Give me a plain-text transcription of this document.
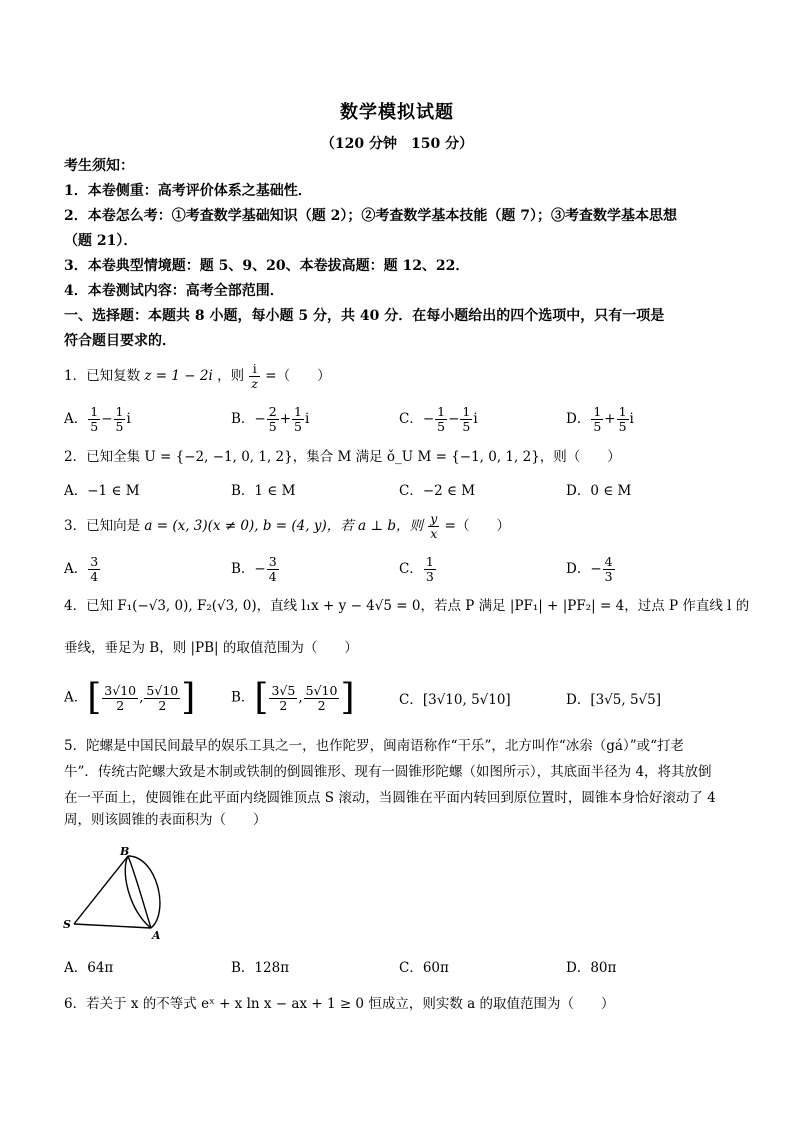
数学模拟试题
（120 分钟　150 分）
考生须知：
1．本卷侧重：高考评价体系之基础性．
2．本卷怎么考：①考查数学基础知识（题 2）；②考查数学基本技能（题 7）；③考查数学基本思想
（题 21）．
3．本卷典型情境题：题 5、9、20、本卷拔高题：题 12、22．
4．本卷测试内容：高考全部范围．
一、选择题：本题共 8 小题，每小题 5 分，共 40 分．在每小题给出的四个选项中，只有一项是
符合题目要求的．
1．已知复数 z = 1 − 2i ，则 $\frac{i}{z}$ =（　　）
A． $\frac{1}{5} - \frac{1}{5}$ i	B．− $\frac{2}{5} + \frac{1}{5}$ i	C．− $\frac{1}{5} - \frac{1}{5}$ i	D． $\frac{1}{5} + \frac{1}{5}$ i
2．已知全集 U = {−2, −1, 0, 1, 2}，集合 M 满足 ǒ_U M = {−1, 0, 1, 2}，则（　　）
A．−1 ∈ M	B．1 ∈ M	C．−2 ∈ M	D．0 ∈ M
3．已知向是 a = (x, 3)(x ≠ 0), b = (4, y)，若 a ⊥ b，则 $\frac{y}{x}$ =（　　）
A． $\frac{3}{4}$	B．− $\frac{3}{4}$	C． $\frac{1}{3}$	D．− $\frac{4}{3}$
4．已知 F₁(−√3, 0), F₂(√3, 0)，直线 l₁x + y − 4√5 = 0，若点 P 满足 |PF₁| + |PF₂| = 4，过点 P 作直线 l 的
垂线，垂足为 B，则 |PB| 的取值范围为（　　）
A．[ $\frac{3√10}{2}$ , $\frac{5√10}{2}$ ]	B．[ $\frac{3√5}{2}$ , $\frac{5√10}{2}$ ]	C．[3√10, 5√10]	D．[3√5, 5√5]
5．陀螺是中国民间最早的娱乐工具之一，也作陀罗，闽南语称作“干乐”，北方叫作“冰尜（gá）”或“打老
牛”．传统古陀螺大致是木制或铁制的倒圆锥形、现有一圆锥形陀螺（如图所示），其底面半径为 4，将其放倒
在一平面上，使圆锥在此平面内绕圆锥顶点 S 滚动，当圆锥在平面内转回到原位置时，圆锥本身恰好滚动了 4
周，则该圆锥的表面积为（　　）
B
S
A
A．64π	B．128π	C．60π	D．80π
6．若关于 x 的不等式 eˣ + x ln x − ax + 1 ≥ 0 恒成立，则实数 a 的取值范围为（　　）
